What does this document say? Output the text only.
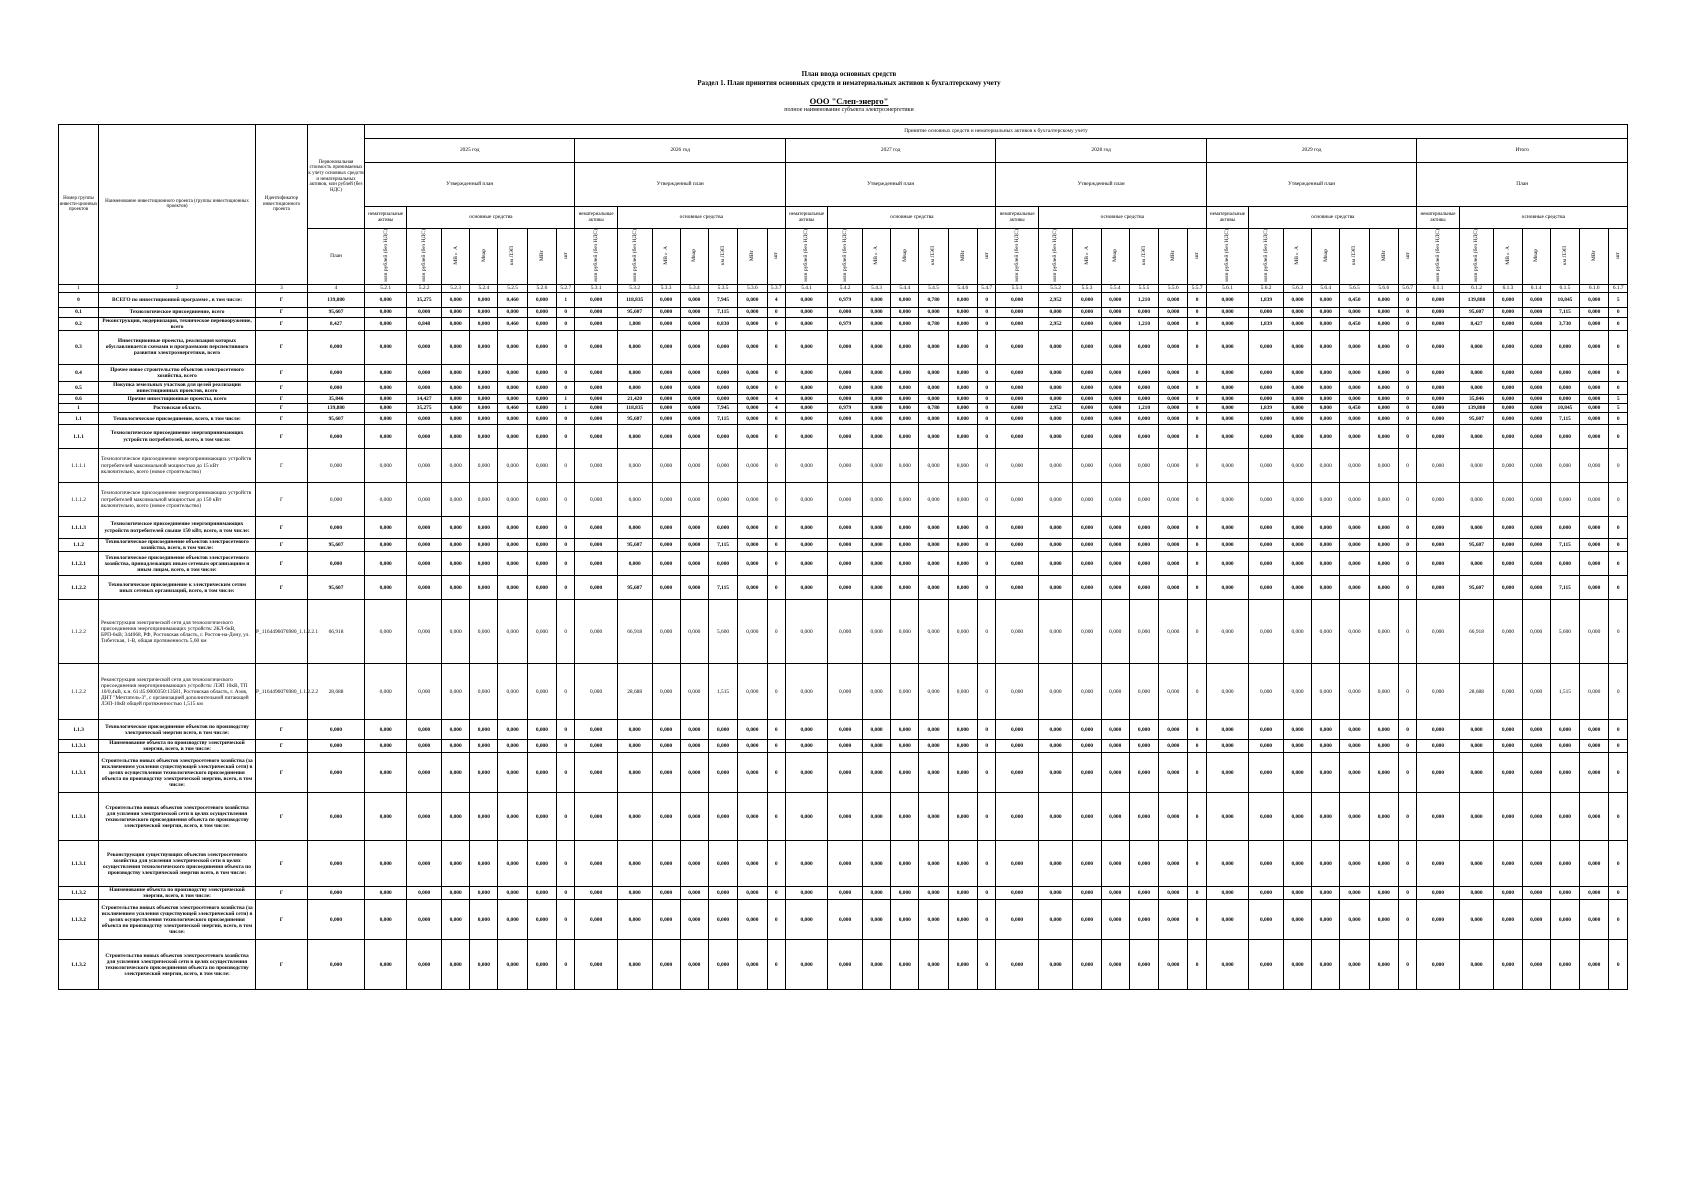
План ввода основных средств
Раздел 1. План принятия основных средств и нематериальных активов к бухгалтерскому учету
ООО "Слеп-энерго"
полное наименование субъекта электроэнергетики
Номер группы инвести-ционных проектов	Наименование инвестиционного проекта (группы инвестиционных проектов)	Идентификатор инвестиционного проекта	Первоначальная стоимость принимаемых к учету основных средств и нематериальных активов, млн рублей (без НДС)	Принятие основных средств и нематериальных активов к бухгалтерскому учету																																									
				2025 год							2026 год							2027 год							2028 год							2029 год							Итого						
				Утвержденный план							Утвержденный план							Утвержденный план							Утвержденный план							Утвержденный план							План						
				нематериальные активы	основные средства						нематериальные активы	основные средства						нематериальные активы	основные средства						нематериальные активы	основные средства						нематериальные активы	основные средства						нематериальные активы	основные средства					
			План	млн рублей (без НДС)	млн рублей (без НДС)	МВ×А	Мвар	км ЛЭП	МВт	шт	млн рублей (без НДС)	млн рублей (без НДС)	МВ×А	Мвар	км ЛЭП	МВт	шт	млн рублей (без НДС)	млн рублей (без НДС)	МВ×А	Мвар	км ЛЭП	МВт	шт	млн рублей (без НДС)	млн рублей (без НДС)	МВ×А	Мвар	км ЛЭП	МВт	шт	млн рублей (без НДС)	млн рублей (без НДС)	МВ×А	Мвар	км ЛЭП	МВт	шт	млн рублей (без НДС)	млн рублей (без НДС)	МВ×А	Мвар	км ЛЭП	МВт	шт
1	2	3	4	5.2.1	5.2.2	5.2.3	5.2.4	5.2.5	5.2.6	5.2.7	5.3.1	5.3.2	5.3.3	5.3.4	5.3.5	5.3.6	5.3.7	5.4.1	5.4.2	5.4.3	5.4.4	5.4.5	5.4.6	5.4.7	5.5.1	5.5.2	5.5.3	5.5.4	5.5.5	5.5.6	5.5.7	5.6.1	5.6.2	5.6.3	5.6.4	5.6.5	5.6.6	5.6.7	6.1.1	6.1.2	6.1.3	6.1.4	6.1.5	6.1.6	6.1.7
0	ВСЕГО по инвестиционной программе , в том числе:	Г	139,880	0,000	35,275	0,000	0,000	0,460	0,000	1	0,000	118,835	0,000	0,000	7,945	0,000	4	0,000	0,979	0,000	0,000	0,780	0,000	0	0,000	2,952	0,000	0,000	1,210	0,000	0	0,000	1,839	0,000	0,000	0,450	0,000	0	0,000	139,880	0,000	0,000	10,845	0,000	5
0.1	Технологическое присоединение, всего	Г	95,607	0,000	0,000	0,000	0,000	0,000	0,000	0	0,000	95,607	0,000	0,000	7,115	0,000	0	0,000	0,000	0,000	0,000	0,000	0,000	0	0,000	0,000	0,000	0,000	0,000	0,000	0	0,000	0,000	0,000	0,000	0,000	0,000	0	0,000	95,607	0,000	0,000	7,115	0,000	0
0.2	Реконструкция, модернизация, техническое перевооружение, всего	Г	8,427	0,000	0,848	0,000	0,000	0,460	0,000	0	0,000	1,808	0,000	0,000	0,830	0,000	0	0,000	0,979	0,000	0,000	0,780	0,000	0	0,000	2,952	0,000	0,000	1,210	0,000	0	0,000	1,839	0,000	0,000	0,450	0,000	0	0,000	8,427	0,000	0,000	3,730	0,000	0
0.3	Инвестиционные проекты, реализация которых обуславливается схемами и программами перспективного развития электроэнергетики, всего	Г	0,000	0,000	0,000	0,000	0,000	0,000	0,000	0	0,000	0,000	0,000	0,000	0,000	0,000	0	0,000	0,000	0,000	0,000	0,000	0,000	0	0,000	0,000	0,000	0,000	0,000	0,000	0	0,000	0,000	0,000	0,000	0,000	0,000	0	0,000	0,000	0,000	0,000	0,000	0,000	0
0.4	Прочее новое строительство объектов электросетевого хозяйства, всего	Г	0,000	0,000	0,000	0,000	0,000	0,000	0,000	0	0,000	0,000	0,000	0,000	0,000	0,000	0	0,000	0,000	0,000	0,000	0,000	0,000	0	0,000	0,000	0,000	0,000	0,000	0,000	0	0,000	0,000	0,000	0,000	0,000	0,000	0	0,000	0,000	0,000	0,000	0,000	0,000	0
0.5	Покупка земельных участков для целей реализации инвестиционных проектов, всего	Г	0,000	0,000	0,000	0,000	0,000	0,000	0,000	0	0,000	0,000	0,000	0,000	0,000	0,000	0	0,000	0,000	0,000	0,000	0,000	0,000	0	0,000	0,000	0,000	0,000	0,000	0,000	0	0,000	0,000	0,000	0,000	0,000	0,000	0	0,000	0,000	0,000	0,000	0,000	0,000	0
0.6	Прочие инвестиционные проекты, всего	Г	35,846	0,000	14,427	0,000	0,000	0,000	0,000	1	0,000	21,420	0,000	0,000	0,000	0,000	4	0,000	0,000	0,000	0,000	0,000	0,000	0	0,000	0,000	0,000	0,000	0,000	0,000	0	0,000	0,000	0,000	0,000	0,000	0,000	0	0,000	35,846	0,000	0,000	0,000	0,000	5
1	Ростовская область	Г	139,880	0,000	35,275	0,000	0,000	0,460	0,000	1	0,000	118,835	0,000	0,000	7,945	0,000	4	0,000	0,979	0,000	0,000	0,780	0,000	0	0,000	2,952	0,000	0,000	1,210	0,000	0	0,000	1,839	0,000	0,000	0,450	0,000	0	0,000	139,880	0,000	0,000	10,845	0,000	5
1.1	Технологическое присоединение, всего, в том числе:	Г	95,607	0,000	0,000	0,000	0,000	0,000	0,000	0	0,000	95,607	0,000	0,000	7,115	0,000	0	0,000	0,000	0,000	0,000	0,000	0,000	0	0,000	0,000	0,000	0,000	0,000	0,000	0	0,000	0,000	0,000	0,000	0,000	0,000	0	0,000	95,607	0,000	0,000	7,115	0,000	0
1.1.1	Технологическое присоединение энергопринимающих устройств потребителей, всего, в том числе:	Г	0,000	0,000	0,000	0,000	0,000	0,000	0,000	0	0,000	0,000	0,000	0,000	0,000	0,000	0	0,000	0,000	0,000	0,000	0,000	0,000	0	0,000	0,000	0,000	0,000	0,000	0,000	0	0,000	0,000	0,000	0,000	0,000	0,000	0	0,000	0,000	0,000	0,000	0,000	0,000	0
1.1.1.1	Технологическое присоединение энергопринимающих устройств потребителей максимальной мощностью до 15 кВт включительно, всего (новое строительство)	Г	0,000	0,000	0,000	0,000	0,000	0,000	0,000	0	0,000	0,000	0,000	0,000	0,000	0,000	0	0,000	0,000	0,000	0,000	0,000	0,000	0	0,000	0,000	0,000	0,000	0,000	0,000	0	0,000	0,000	0,000	0,000	0,000	0,000	0	0,000	0,000	0,000	0,000	0,000	0,000	0
1.1.1.2	Технологическое присоединение энергопринимающих устройств потребителей максимальной мощностью до 150 кВт включительно, всего (новое строительство)	Г	0,000	0,000	0,000	0,000	0,000	0,000	0,000	0	0,000	0,000	0,000	0,000	0,000	0,000	0	0,000	0,000	0,000	0,000	0,000	0,000	0	0,000	0,000	0,000	0,000	0,000	0,000	0	0,000	0,000	0,000	0,000	0,000	0,000	0	0,000	0,000	0,000	0,000	0,000	0,000	0
1.1.1.3	Технологическое присоединение энергопринимающих устройств потребителей свыше 150 кВт, всего, в том числе:	Г	0,000	0,000	0,000	0,000	0,000	0,000	0,000	0	0,000	0,000	0,000	0,000	0,000	0,000	0	0,000	0,000	0,000	0,000	0,000	0,000	0	0,000	0,000	0,000	0,000	0,000	0,000	0	0,000	0,000	0,000	0,000	0,000	0,000	0	0,000	0,000	0,000	0,000	0,000	0,000	0
1.1.2	Технологическое присоединение объектов электросетевого хозяйства, всего, в том числе:	Г	95,607	0,000	0,000	0,000	0,000	0,000	0,000	0	0,000	95,607	0,000	0,000	7,115	0,000	0	0,000	0,000	0,000	0,000	0,000	0,000	0	0,000	0,000	0,000	0,000	0,000	0,000	0	0,000	0,000	0,000	0,000	0,000	0,000	0	0,000	95,607	0,000	0,000	7,115	0,000	0
1.1.2.1	Технологическое присоединение объектов электросетевого хозяйства, принадлежащих иным сетевым организациям и иным лицам, всего, в том числе:	Г	0,000	0,000	0,000	0,000	0,000	0,000	0,000	0	0,000	0,000	0,000	0,000	0,000	0,000	0	0,000	0,000	0,000	0,000	0,000	0,000	0	0,000	0,000	0,000	0,000	0,000	0,000	0	0,000	0,000	0,000	0,000	0,000	0,000	0	0,000	0,000	0,000	0,000	0,000	0,000	0
1.1.2.2	Технологическое присоединение к электрическим сетям иных сетевых организаций, всего, в том числе:	Г	95,607	0,000	0,000	0,000	0,000	0,000	0,000	0	0,000	95,607	0,000	0,000	7,115	0,000	0	0,000	0,000	0,000	0,000	0,000	0,000	0	0,000	0,000	0,000	0,000	0,000	0,000	0	0,000	0,000	0,000	0,000	0,000	0,000	0	0,000	95,607	0,000	0,000	7,115	0,000	0
1.1.2.2	Реконструкция электрической сети для технологического присоединения энергопринимающих устройств: 2КЛ-6кВ, БРП-6кВ; 344068, РФ, Ростовская область, г. Ростов-на-Дону, ул. Тибетская, 1-В, общая протяженность 5,60 км	P_1164496076980_1.1.2.2.1	66,918	0,000	0,000	0,000	0,000	0,000	0,000	0	0,000	66,918	0,000	0,000	5,600	0,000	0	0,000	0,000	0,000	0,000	0,000	0,000	0	0,000	0,000	0,000	0,000	0,000	0,000	0	0,000	0,000	0,000	0,000	0,000	0,000	0	0,000	66,918	0,000	0,000	5,600	0,000	0
1.1.2.2	Реконструкция электрической сети для технологического присоединения энергопринимающих устройств: ЛЭП 10кВ, ТП 10/0,4кВ, к.н. 61:45:0000350:13581, Ростовская область, г. Азов, ДНТ "Мечтатель-3", с организацией дополнительной питающей ЛЭП-10кВ общей протяженностью 1,515 км	P_1164496076980_1.1.2.2.2	28,688	0,000	0,000	0,000	0,000	0,000	0,000	0	0,000	28,688	0,000	0,000	1,515	0,000	0	0,000	0,000	0,000	0,000	0,000	0,000	0	0,000	0,000	0,000	0,000	0,000	0,000	0	0,000	0,000	0,000	0,000	0,000	0,000	0	0,000	28,688	0,000	0,000	1,515	0,000	0
1.1.3	Технологическое присоединение объектов по производству электрической энергии всего, в том числе:	Г	0,000	0,000	0,000	0,000	0,000	0,000	0,000	0	0,000	0,000	0,000	0,000	0,000	0,000	0	0,000	0,000	0,000	0,000	0,000	0,000	0	0,000	0,000	0,000	0,000	0,000	0,000	0	0,000	0,000	0,000	0,000	0,000	0,000	0	0,000	0,000	0,000	0,000	0,000	0,000	0
1.1.3.1	Наименование объекта по производству электрической энергии, всего, в том числе:	Г	0,000	0,000	0,000	0,000	0,000	0,000	0,000	0	0,000	0,000	0,000	0,000	0,000	0,000	0	0,000	0,000	0,000	0,000	0,000	0,000	0	0,000	0,000	0,000	0,000	0,000	0,000	0	0,000	0,000	0,000	0,000	0,000	0,000	0	0,000	0,000	0,000	0,000	0,000	0,000	0
1.1.3.1	Строительство новых объектов электросетевого хозяйства (за исключением усиления существующей электрической сети) в целях осуществления технологического присоединения объекта по производству электрической энергии, всего, в том числе:	Г	0,000	0,000	0,000	0,000	0,000	0,000	0,000	0	0,000	0,000	0,000	0,000	0,000	0,000	0	0,000	0,000	0,000	0,000	0,000	0,000	0	0,000	0,000	0,000	0,000	0,000	0,000	0	0,000	0,000	0,000	0,000	0,000	0,000	0	0,000	0,000	0,000	0,000	0,000	0,000	0
1.1.3.1	Строительство новых объектов электросетевого хозяйства для усиления электрической сети в целях осуществления технологического присоединения объекта по производству электрической энергии, всего, в том числе:	Г	0,000	0,000	0,000	0,000	0,000	0,000	0,000	0	0,000	0,000	0,000	0,000	0,000	0,000	0	0,000	0,000	0,000	0,000	0,000	0,000	0	0,000	0,000	0,000	0,000	0,000	0,000	0	0,000	0,000	0,000	0,000	0,000	0,000	0	0,000	0,000	0,000	0,000	0,000	0,000	0
1.1.3.1	Реконструкция существующих объектов электросетевого хозяйства для усиления электрической сети в целях осуществления технологического присоединения объекта по производству электрической энергии всего, в том числе:	Г	0,000	0,000	0,000	0,000	0,000	0,000	0,000	0	0,000	0,000	0,000	0,000	0,000	0,000	0	0,000	0,000	0,000	0,000	0,000	0,000	0	0,000	0,000	0,000	0,000	0,000	0,000	0	0,000	0,000	0,000	0,000	0,000	0,000	0	0,000	0,000	0,000	0,000	0,000	0,000	0
1.1.3.2	Наименование объекта по производству электрической энергии, всего, в том числе:	Г	0,000	0,000	0,000	0,000	0,000	0,000	0,000	0	0,000	0,000	0,000	0,000	0,000	0,000	0	0,000	0,000	0,000	0,000	0,000	0,000	0	0,000	0,000	0,000	0,000	0,000	0,000	0	0,000	0,000	0,000	0,000	0,000	0,000	0	0,000	0,000	0,000	0,000	0,000	0,000	0
1.1.3.2	Строительство новых объектов электросетевого хозяйства (за исключением усиления существующей электрической сети) в целях осуществления технологического присоединения объекта по производству электрической энергии, всего, в том числе:	Г	0,000	0,000	0,000	0,000	0,000	0,000	0,000	0	0,000	0,000	0,000	0,000	0,000	0,000	0	0,000	0,000	0,000	0,000	0,000	0,000	0	0,000	0,000	0,000	0,000	0,000	0,000	0	0,000	0,000	0,000	0,000	0,000	0,000	0	0,000	0,000	0,000	0,000	0,000	0,000	0
1.1.3.2	Строительство новых объектов электросетевого хозяйства для усиления электрической сети в целях осуществления технологического присоединения объекта по производству электрической энергии, всего, в том числе:	Г	0,000	0,000	0,000	0,000	0,000	0,000	0,000	0	0,000	0,000	0,000	0,000	0,000	0,000	0	0,000	0,000	0,000	0,000	0,000	0,000	0	0,000	0,000	0,000	0,000	0,000	0,000	0	0,000	0,000	0,000	0,000	0,000	0,000	0	0,000	0,000	0,000	0,000	0,000	0,000	0
